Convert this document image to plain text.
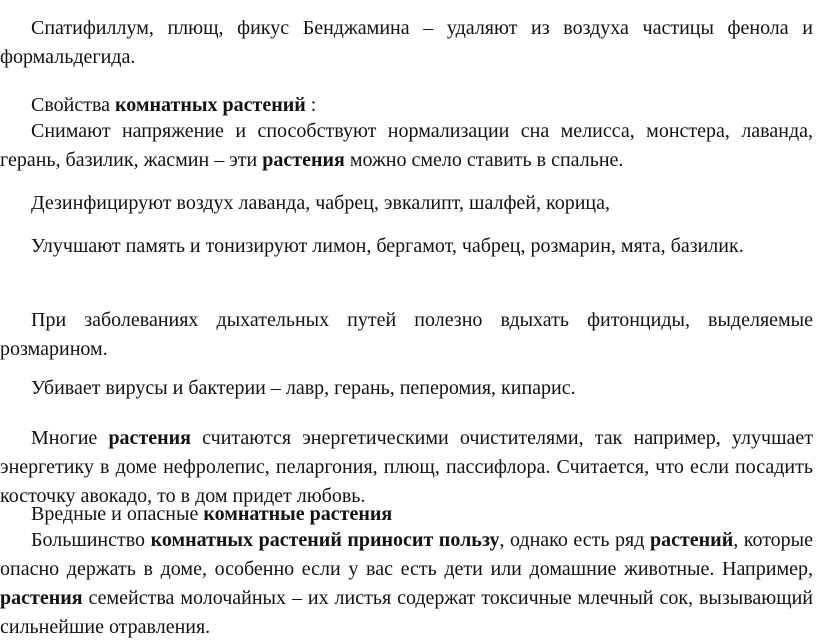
Спатифиллум, плющ, фикус Бенджамина – удаляют из воздуха частицы фенола и формальдегида.

Свойства комнатных растений :

Снимают напряжение и способствуют нормализации сна мелисса, монстера, лаванда, герань, базилик, жасмин – эти растения можно смело ставить в спальне.

Дезинфицируют воздух лаванда, чабрец, эвкалипт, шалфей, корица,

Улучшают память и тонизируют лимон, бергамот, чабрец, розмарин, мята, базилик.

При заболеваниях дыхательных путей полезно вдыхать фитонциды, выделяемые розмарином.

Убивает вирусы и бактерии – лавр, герань, пеперомия, кипарис.

Многие растения считаются энергетическими очистителями, так например, улучшает энергетику в доме нефролепис, пеларгония, плющ, пассифлора. Считается, что если посадить косточку авокадо, то в дом придет любовь.

Вредные и опасные комнатные растения

Большинство комнатных растений приносит пользу, однако есть ряд растений, которые опасно держать в доме, особенно если у вас есть дети или домашние животные. Например, растения семейства молочайных – их листья содержат токсичные млечный сок, вызывающий сильнейшие отравления.
